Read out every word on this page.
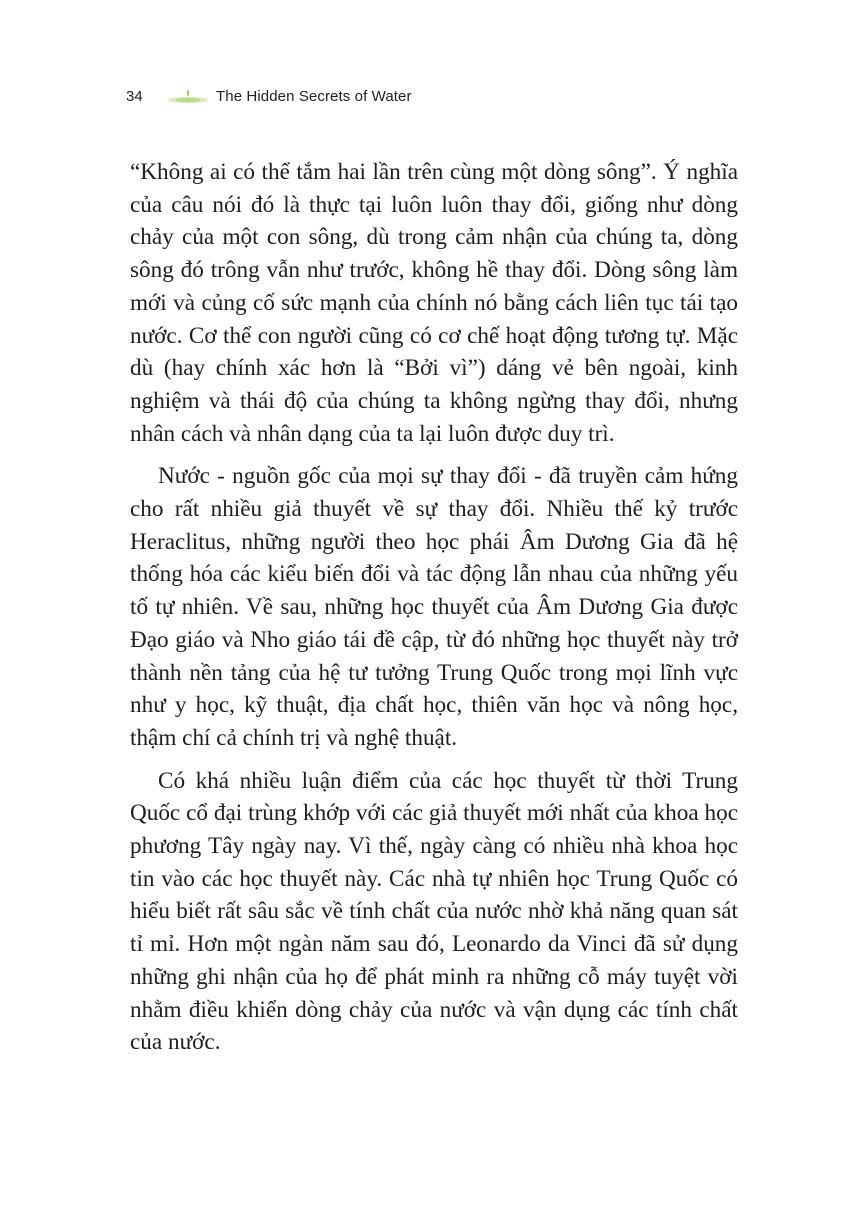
34	The Hidden Secrets of Water

“Không ai có thể tắm hai lần trên cùng một dòng sông”. Ý nghĩa của câu nói đó là thực tại luôn luôn thay đổi, giống như dòng chảy của một con sông, dù trong cảm nhận của chúng ta, dòng sông đó trông vẫn như trước, không hề thay đổi. Dòng sông làm mới và củng cố sức mạnh của chính nó bằng cách liên tục tái tạo nước. Cơ thể con người cũng có cơ chế hoạt động tương tự. Mặc dù (hay chính xác hơn là “Bởi vì”) dáng vẻ bên ngoài, kinh nghiệm và thái độ của chúng ta không ngừng thay đổi, nhưng nhân cách và nhân dạng của ta lại luôn được duy trì.

Nước - nguồn gốc của mọi sự thay đổi - đã truyền cảm hứng cho rất nhiều giả thuyết về sự thay đổi. Nhiều thế kỷ trước Heraclitus, những người theo học phái Âm Dương Gia đã hệ thống hóa các kiểu biến đổi và tác động lẫn nhau của những yếu tố tự nhiên. Về sau, những học thuyết của Âm Dương Gia được Đạo giáo và Nho giáo tái đề cập, từ đó những học thuyết này trở thành nền tảng của hệ tư tưởng Trung Quốc trong mọi lĩnh vực như y học, kỹ thuật, địa chất học, thiên văn học và nông học, thậm chí cả chính trị và nghệ thuật.

Có khá nhiều luận điểm của các học thuyết từ thời Trung Quốc cổ đại trùng khớp với các giả thuyết mới nhất của khoa học phương Tây ngày nay. Vì thế, ngày càng có nhiều nhà khoa học tin vào các học thuyết này. Các nhà tự nhiên học Trung Quốc có hiểu biết rất sâu sắc về tính chất của nước nhờ khả năng quan sát tỉ mỉ. Hơn một ngàn năm sau đó, Leonardo da Vinci đã sử dụng những ghi nhận của họ để phát minh ra những cỗ máy tuyệt vời nhằm điều khiển dòng chảy của nước và vận dụng các tính chất của nước.
